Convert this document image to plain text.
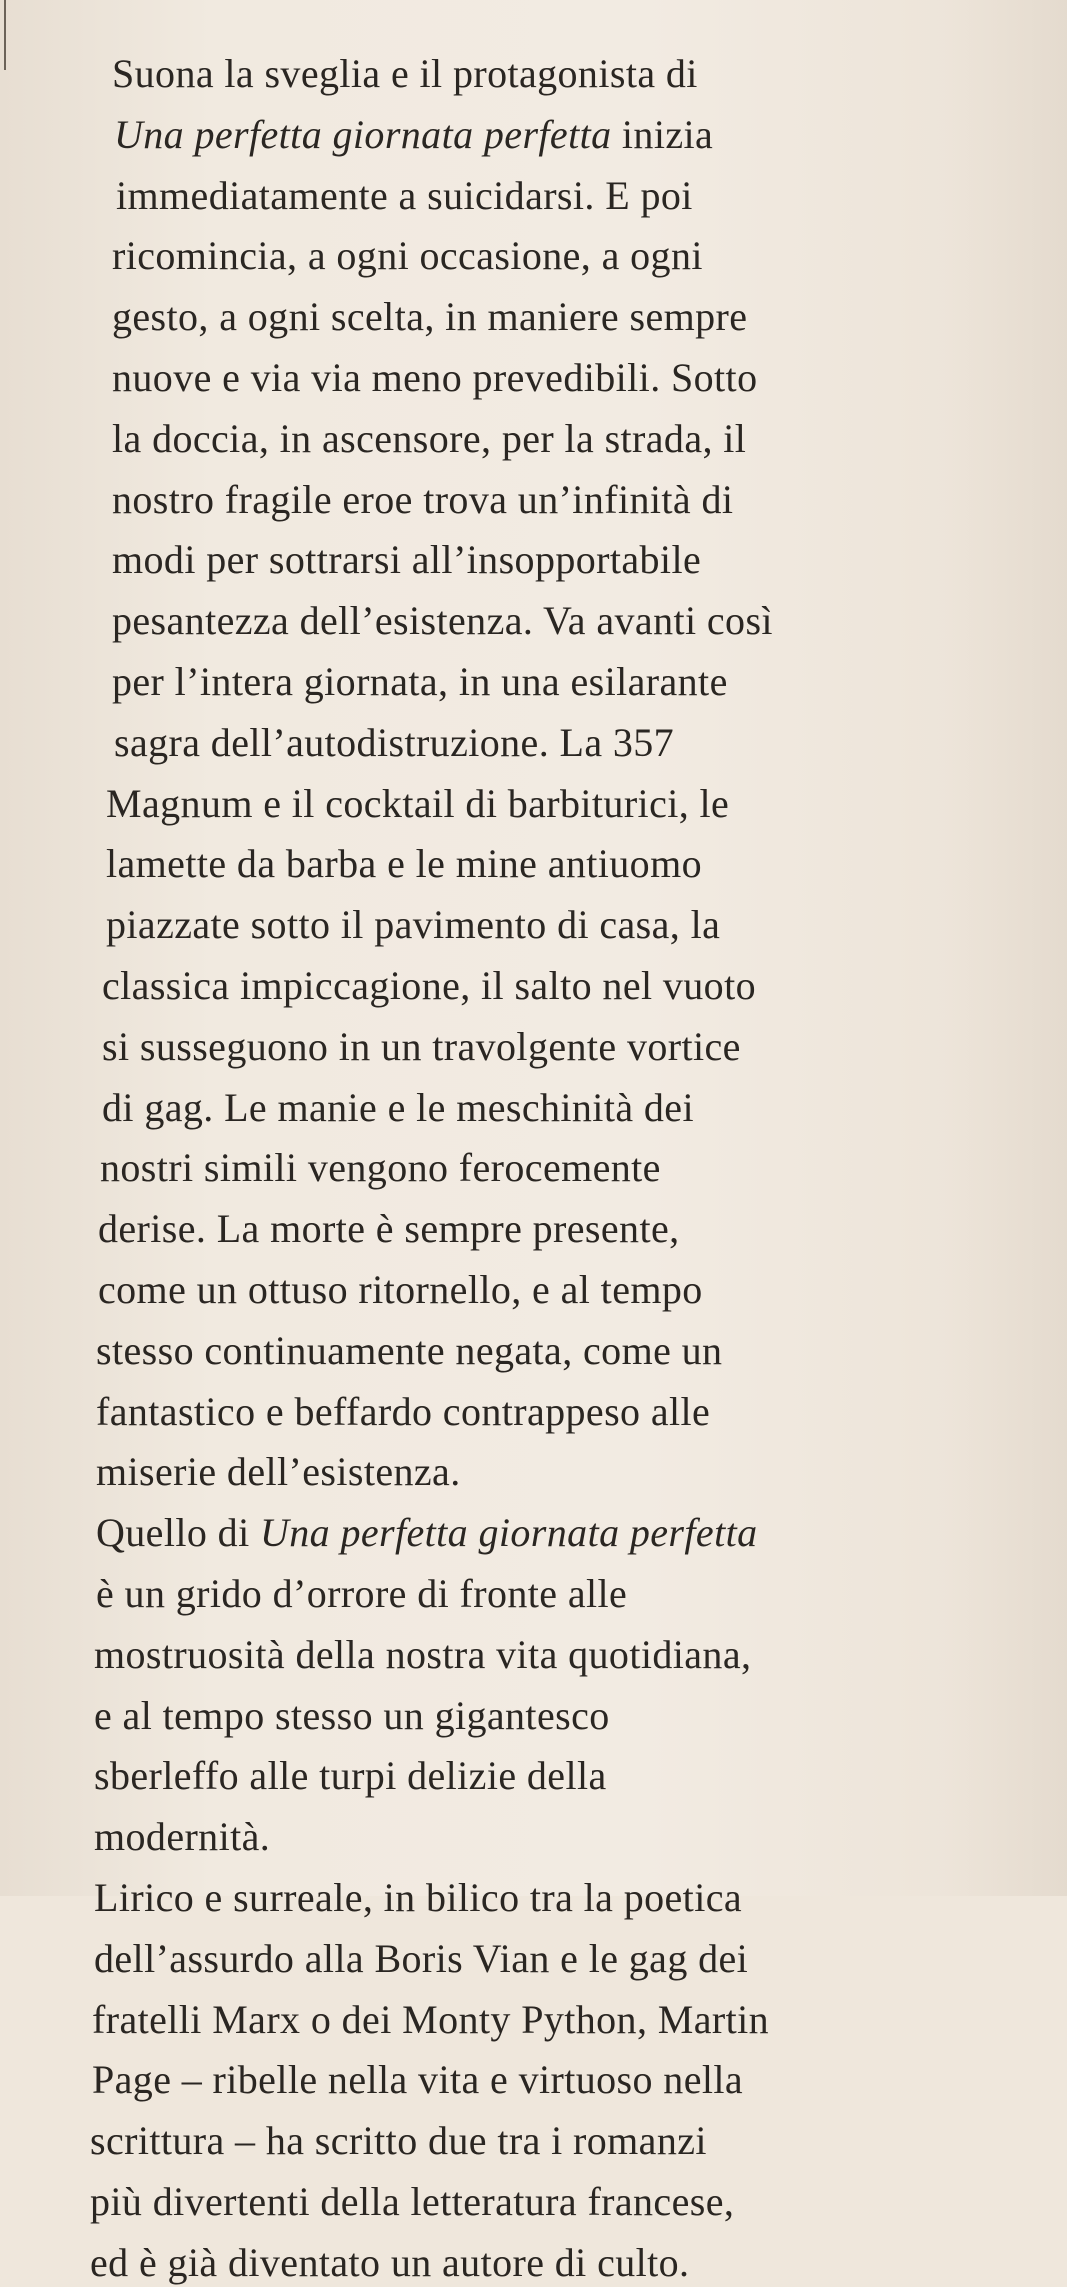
Suona la sveglia e il protagonista di
Una perfetta giornata perfetta inizia
immediatamente a suicidarsi. E poi
ricomincia, a ogni occasione, a ogni
gesto, a ogni scelta, in maniere sempre
nuove e via via meno prevedibili. Sotto
la doccia, in ascensore, per la strada, il
nostro fragile eroe trova un’infinità di
modi per sottrarsi all’insopportabile
pesantezza dell’esistenza. Va avanti così
per l’intera giornata, in una esilarante
sagra dell’autodistruzione. La 357
Magnum e il cocktail di barbiturici, le
lamette da barba e le mine antiuomo
piazzate sotto il pavimento di casa, la
classica impiccagione, il salto nel vuoto
si susseguono in un travolgente vortice
di gag. Le manie e le meschinità dei
nostri simili vengono ferocemente
derise. La morte è sempre presente,
come un ottuso ritornello, e al tempo
stesso continuamente negata, come un
fantastico e beffardo contrappeso alle
miserie dell’esistenza.
Quello di Una perfetta giornata perfetta
è un grido d’orrore di fronte alle
mostruosità della nostra vita quotidiana,
e al tempo stesso un gigantesco
sberleffo alle turpi delizie della
modernità.
Lirico e surreale, in bilico tra la poetica
dell’assurdo alla Boris Vian e le gag dei
fratelli Marx o dei Monty Python, Martin
Page – ribelle nella vita e virtuoso nella
scrittura – ha scritto due tra i romanzi
più divertenti della letteratura francese,
ed è già diventato un autore di culto.
